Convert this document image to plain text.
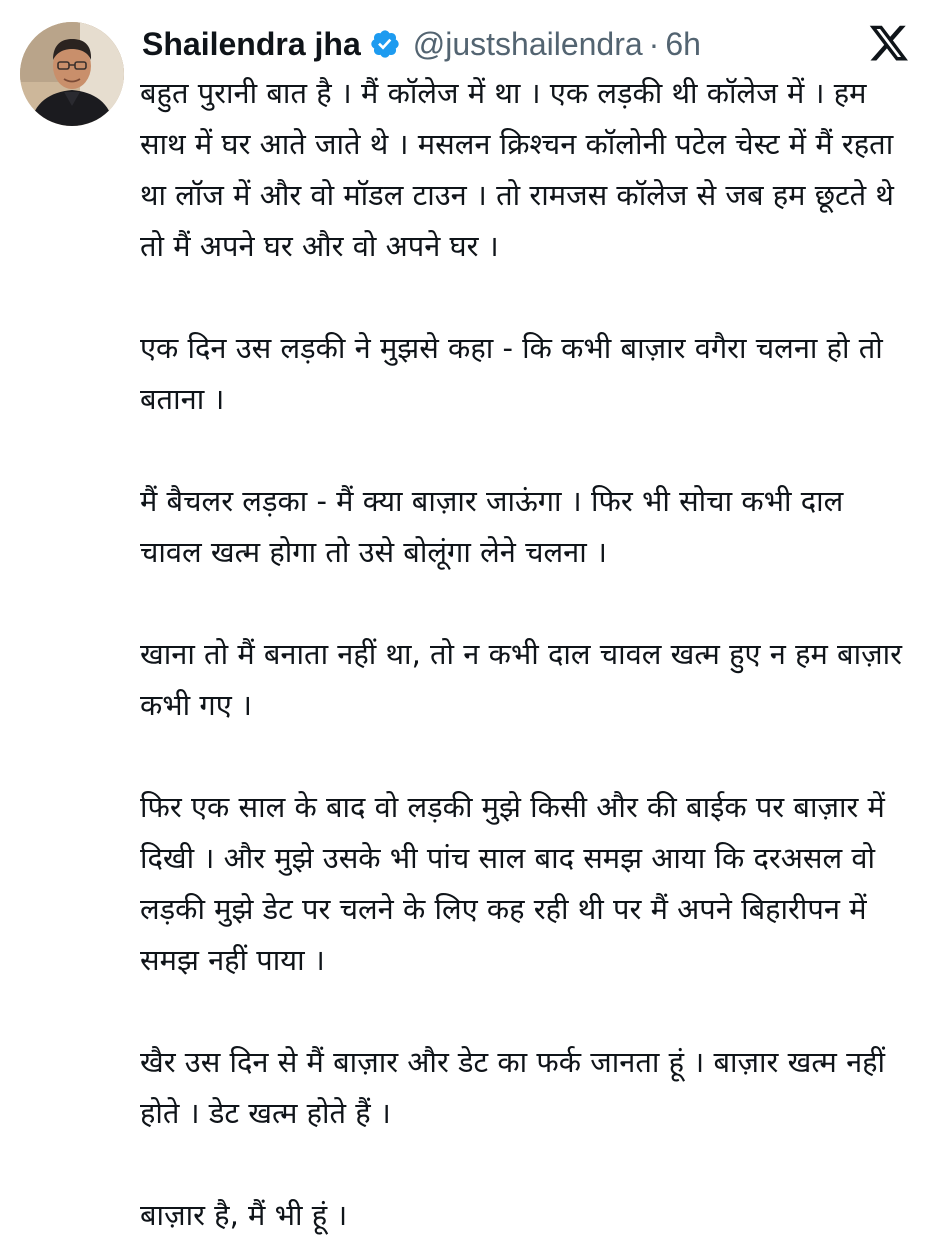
Shailendra jha @justshailendra · 6h

बहुत पुरानी बात है । मैं कॉलेज में था । एक लड़की थी कॉलेज में । हम साथ में घर आते जाते थे । मसलन क्रिश्चन कॉलोनी पटेल चेस्ट में मैं रहता था लॉज में और वो मॉडल टाउन । तो रामजस कॉलेज से जब हम छूटते थे तो मैं अपने घर और वो अपने घर ।

एक दिन उस लड़की ने मुझसे कहा - कि कभी बाज़ार वगैरा चलना हो तो बताना ।

मैं बैचलर लड़का - मैं क्या बाज़ार जाऊंगा । फिर भी सोचा कभी दाल चावल खत्म होगा तो उसे बोलूंगा लेने चलना ।

खाना तो मैं बनाता नहीं था, तो न कभी दाल चावल खत्म हुए न हम बाज़ार कभी गए ।

फिर एक साल के बाद वो लड़की मुझे किसी और की बाईक पर बाज़ार में दिखी । और मुझे उसके भी पांच साल बाद समझ आया कि दरअसल वो लड़की मुझे डेट पर चलने के लिए कह रही थी पर मैं अपने बिहारीपन में समझ नहीं पाया ।

खैर उस दिन से मैं बाज़ार और डेट का फर्क जानता हूं । बाज़ार खत्म नहीं होते । डेट खत्म होते हैं ।

बाज़ार है, मैं भी हूं ।
